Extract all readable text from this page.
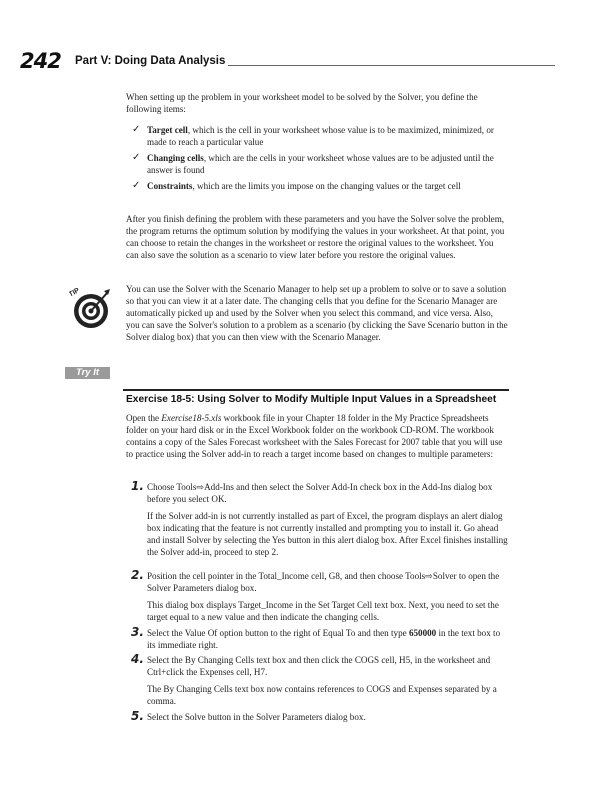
242 Part V: Doing Data Analysis

When setting up the problem in your worksheet model to be solved by the Solver, you define the following items:

✓ Target cell, which is the cell in your worksheet whose value is to be maximized, minimized, or made to reach a particular value
✓ Changing cells, which are the cells in your worksheet whose values are to be adjusted until the answer is found
✓ Constraints, which are the limits you impose on the changing values or the target cell

After you finish defining the problem with these parameters and you have the Solver solve the problem, the program returns the optimum solution by modifying the values in your worksheet. At that point, you can choose to retain the changes in the worksheet or restore the original values to the worksheet. You can also save the solution as a scenario to view later before you restore the original values.

TIP	You can use the Solver with the Scenario Manager to help set up a problem to solve or to save a solution so that you can view it at a later date. The changing cells that you define for the Scenario Manager are automatically picked up and used by the Solver when you select this command, and vice versa. Also, you can save the Solver's solution to a problem as a scenario (by clicking the Save Scenario button in the Solver dialog box) that you can then view with the Scenario Manager.

Try It
Exercise 18-5: Using Solver to Modify Multiple Input Values in a Spreadsheet

Open the Exercise18-5.xls workbook file in your Chapter 18 folder in the My Practice Spreadsheets folder on your hard disk or in the Excel Workbook folder on the workbook CD-ROM. The workbook contains a copy of the Sales Forecast worksheet with the Sales Forecast for 2007 table that you will use to practice using the Solver add-in to reach a target income based on changes to multiple parameters:

1. Choose Tools⇨Add-Ins and then select the Solver Add-In check box in the Add-Ins dialog box before you select OK.
If the Solver add-in is not currently installed as part of Excel, the program displays an alert dialog box indicating that the feature is not currently installed and prompting you to install it. Go ahead and install Solver by selecting the Yes button in this alert dialog box. After Excel finishes installing the Solver add-in, proceed to step 2.
2. Position the cell pointer in the Total_Income cell, G8, and then choose Tools⇨Solver to open the Solver Parameters dialog box.
This dialog box displays Target_Income in the Set Target Cell text box. Next, you need to set the target equal to a new value and then indicate the changing cells.
3. Select the Value Of option button to the right of Equal To and then type 650000 in the text box to its immediate right.
4. Select the By Changing Cells text box and then click the COGS cell, H5, in the worksheet and Ctrl+click the Expenses cell, H7.
The By Changing Cells text box now contains references to COGS and Expenses separated by a comma.
5. Select the Solve button in the Solver Parameters dialog box.
